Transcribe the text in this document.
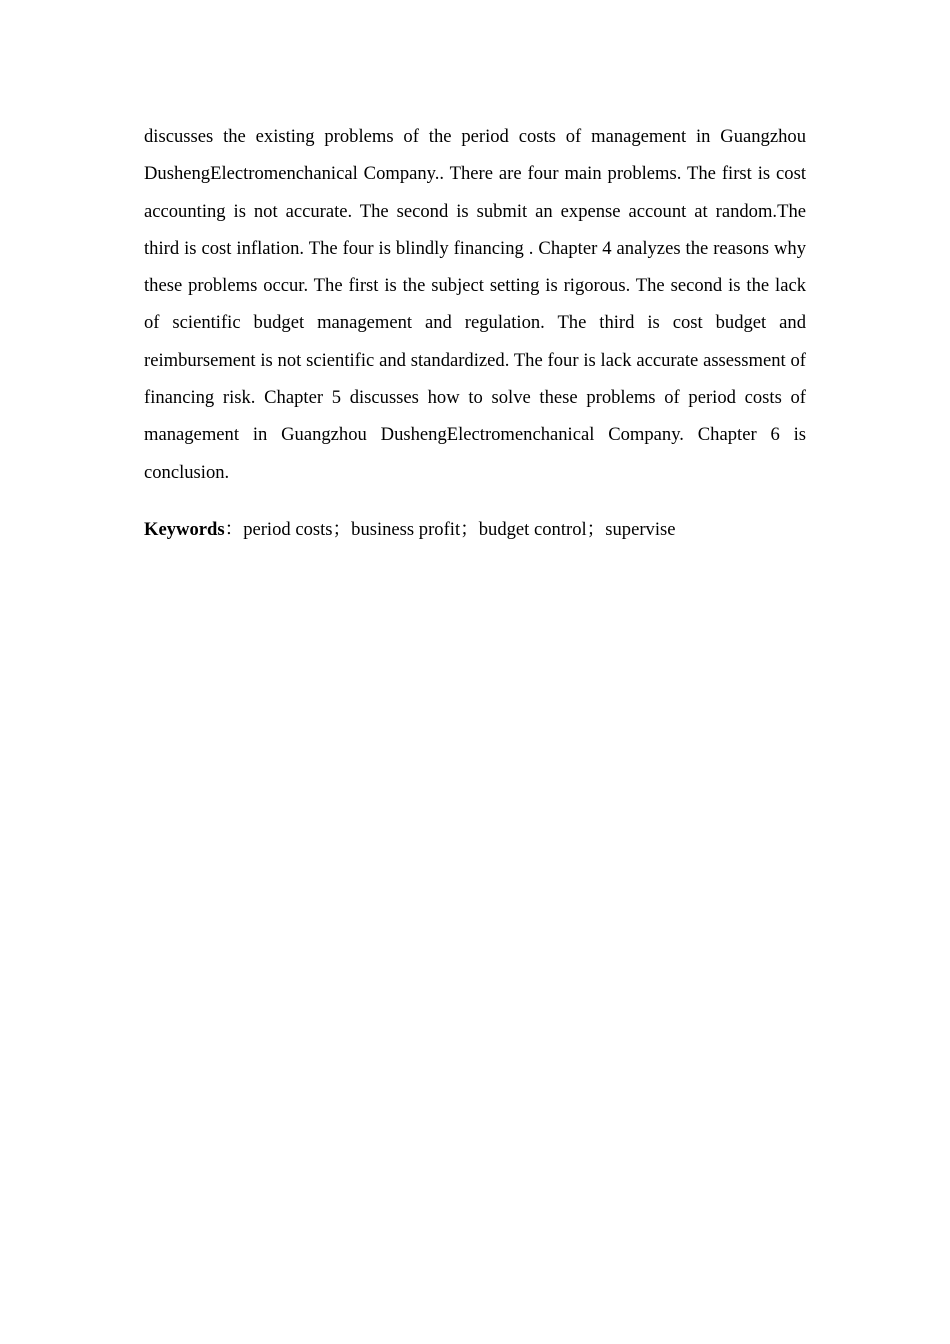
discusses the existing problems of the period costs of management in Guangzhou DushengElectromenchanical Company.. There are four main problems. The first is cost accounting is not accurate. The second is submit an expense account at random.The third is cost inflation. The four is blindly financing . Chapter 4 analyzes the reasons why these problems occur. The first is the subject setting is rigorous. The second is the lack of scientific budget management and regulation. The third is cost budget and reimbursement is not scientific and standardized. The four is lack accurate assessment of financing risk. Chapter 5 discusses how to solve these problems of period costs of management in Guangzhou DushengElectromenchanical Company. Chapter 6 is conclusion.

Keywords：period costs；business profit；budget control；supervise
